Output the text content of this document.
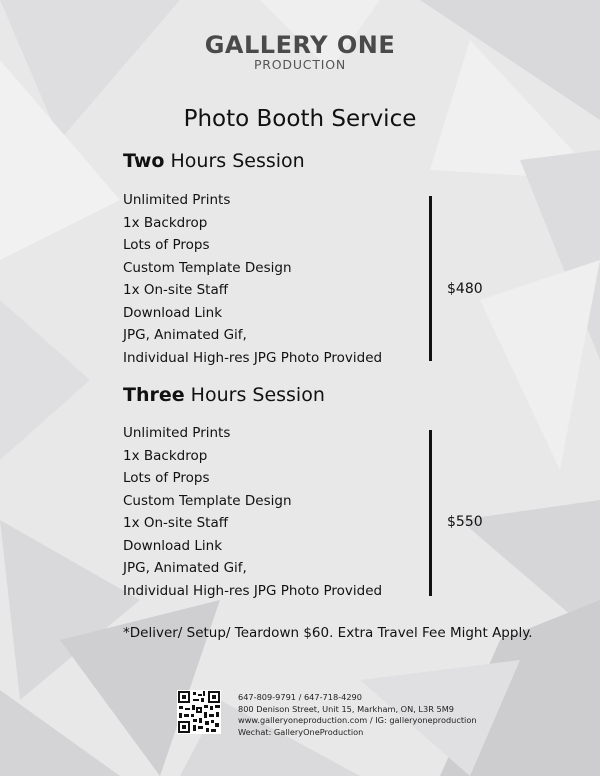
GALLERY ONE
PRODUCTION
Photo Booth Service
Two Hours Session
Unlimited Prints
1x Backdrop
Lots of Props
Custom Template Design
1x On-site Staff
Download Link
JPG, Animated Gif,
Individual High-res JPG Photo Provided
$480
Three Hours Session
Unlimited Prints
1x Backdrop
Lots of Props
Custom Template Design
1x On-site Staff
Download Link
JPG, Animated Gif,
Individual High-res JPG Photo Provided
$550
*Deliver/ Setup/ Teardown $60. Extra Travel Fee Might Apply.
647-809-9791 / 647-718-4290
800 Denison Street, Unit 15, Markham, ON, L3R 5M9
www.galleryoneproduction.com / IG: galleryoneproduction
Wechat: GalleryOneProduction
